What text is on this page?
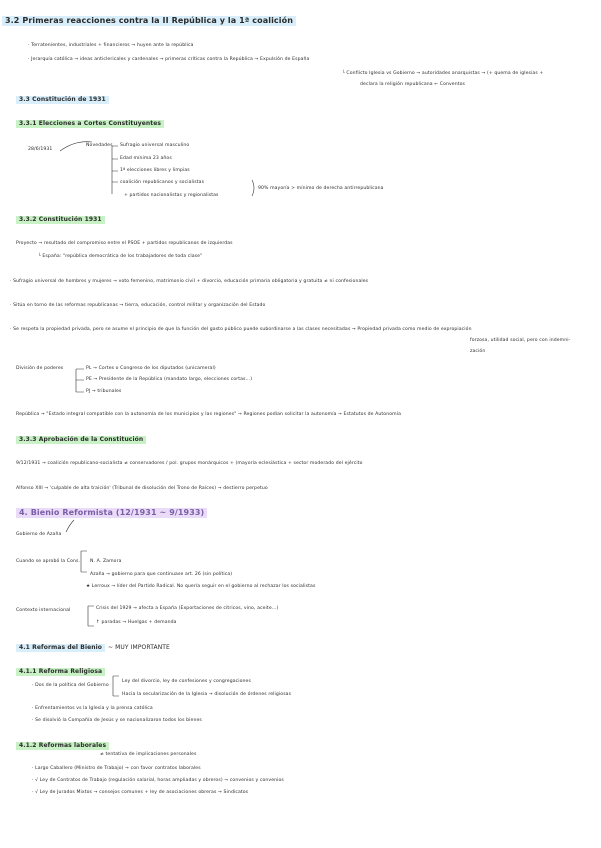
3.2 Primeras reacciones contra la II República y la 1ª coalición
· Terratenientes, industriales + financieros → huyen ante la república
· Jerarquía católica → ideas anticlericales y cardenales → primeras críticas contra la República → Expulsión de España
└ Conflicto Iglesia vs Gobierno → autoridades anarquistas → (+ quema de iglesias +
declara la religión republicana ← Conventos
3.3 Constitución de 1931
3.3.1 Elecciones a Cortes Constituyentes
28/6/1931
Novedades Sufragio universal masculino
Edad mínima 23 años
1ª elecciones libres y limpias
coalición republicanos y socialistas
+ partidos nacionalistas y regionalistas
90% mayoría > mínimo de derecha antirrepublicana
3.3.2 Constitución 1931
Proyecto → resultado del compromiso entre el PSOE + partidos republicanos de izquierdas
└ España: "república democrática de los trabajadores de toda clase"
· Sufragio universal de hombres y mujeres → voto femenino, matrimonio civil + divorcio, educación primaria obligatoria y gratuita ≠ ni confesionales
· Sitúa en torno de las reformas republicanas → tierra, educación, control militar y organización del Estado
· Se respeta la propiedad privada, pero se asume el principio de que la función del gasto público puede subordinarse a las clases necesitadas → Propiedad privada como medio de expropiación
forzosa, utilidad social, pero con indemni-
zación
División de poderes	PL → Cortes o Congreso de los diputados (unicameral)
PE → Presidente de la República (mandato largo, elecciones cortas...)
PJ → tribunales
República → "Estado integral compatible con la autonomía de los municipios y las regiones" → Regiones podían solicitar la autonomía → Estatutos de Autonomía
3.3.3 Aprobación de la Constitución
9/12/1931 → coalición republicano-socialista ≠ conservadores / pol. grupos monárquicos + (mayoría eclesiástica + sector moderado del ejército
Alfonso XIII → 'culpable de alta traición' (Tribunal de disolución del Trono de Raíces) → destierro perpetuo
4. Bienio Reformista (12/1931 ~ 9/1933)
Gobierno de Azaña
Cuando se aprobó la Cons. N. A. Zamora
Azaña → gobierno para que continuase art. 26 (sin política)
★ Lerroux → líder del Partido Radical. No quería seguir en el gobierno al rechazar los socialistas
Contexto internacional	Crisis del 1929 → afecta a España (Exportaciones de cítricos, vino, aceite...)
↑ paradas → Huelgas + demanda
4.1 Reformas del Bienio ~ MUY IMPORTANTE
4.1.1 Reforma Religiosa
· Dos de la política del Gobierno
Ley del divorcio, ley de confesiones y congregaciones
Hacia la secularización de la Iglesia → disolución de órdenes religiosas
· Enfrentamientos vs la Iglesia y la prensa católica
· Se disolvió la Compañía de Jesús y se nacionalizaron todos los bienes
4.1.2 Reformas laborales
≠ tentativa de implicaciones personales
· Largo Caballero (Ministro de Trabajo) → con favor contratos laborales
· √ Ley de Contratos de Trabajo (regulación salarial, horas ampliadas y obreros) → convenios y convenios
· √ Ley de Jurados Mixtos → consejos comunes + ley de asociaciones obreras → Sindicatos
